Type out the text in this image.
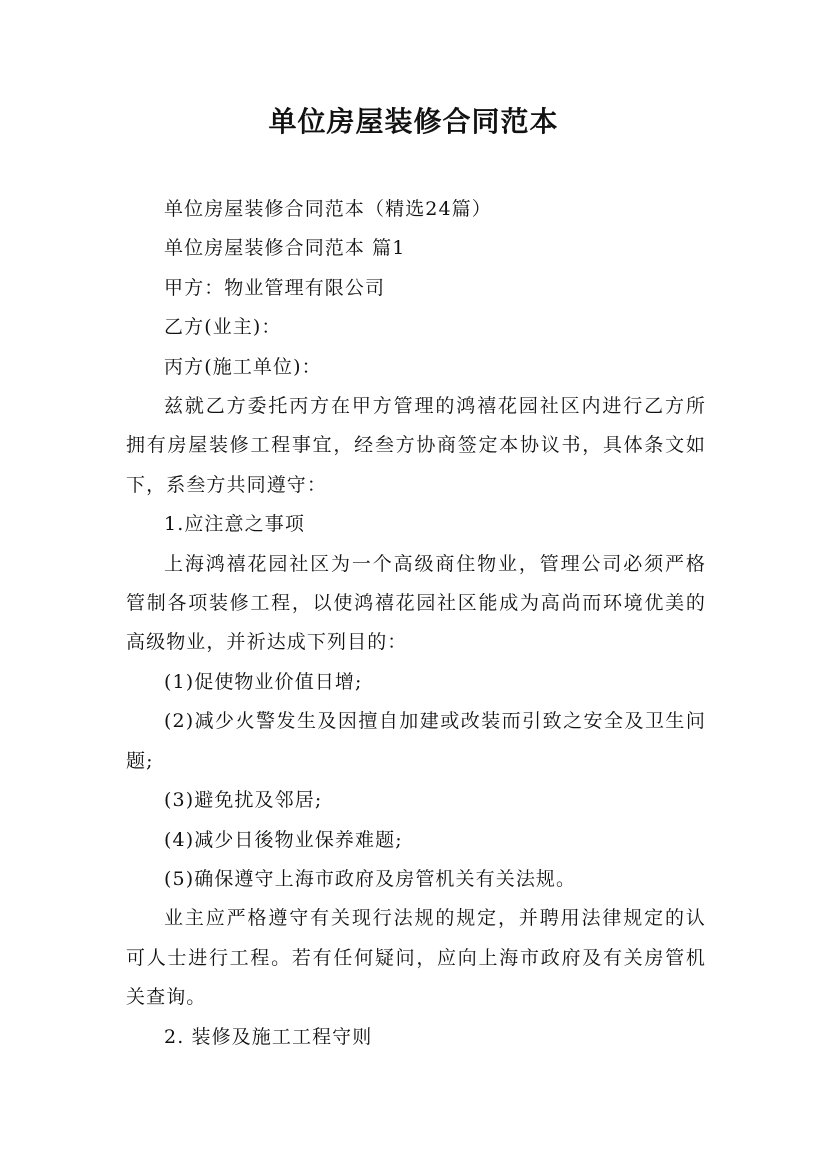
单位房屋装修合同范本

单位房屋装修合同范本（精选24篇）

单位房屋装修合同范本 篇1

甲方：物业管理有限公司

乙方(业主)：

丙方(施工单位)：

兹就乙方委托丙方在甲方管理的鸿禧花园社区内进行乙方所拥有房屋装修工程事宜，经叁方协商签定本协议书，具体条文如下，系叁方共同遵守：

1.应注意之事项

上海鸿禧花园社区为一个高级商住物业，管理公司必须严格管制各项装修工程，以使鸿禧花园社区能成为高尚而环境优美的高级物业，并祈达成下列目的：

(1)促使物业价值日增;

(2)减少火警发生及因擅自加建或改装而引致之安全及卫生问题;

(3)避免扰及邻居;

(4)减少日後物业保养难题;

(5)确保遵守上海市政府及房管机关有关法规。

业主应严格遵守有关现行法规的规定，并聘用法律规定的认可人士进行工程。若有任何疑问，应向上海市政府及有关房管机关查询。

2. 装修及施工工程守则
